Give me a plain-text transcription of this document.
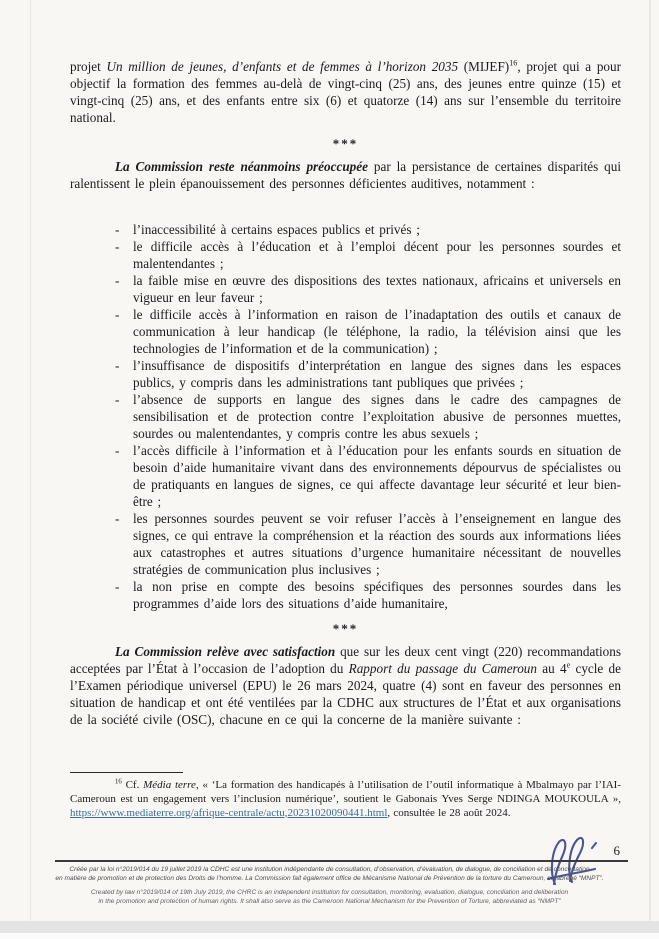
projet Un million de jeunes, d’enfants et de femmes à l’horizon 2035 (MIJEF)$^{16}$, projet qui a pour objectif la formation des femmes au-delà de vingt-cinq (25) ans, des jeunes entre quinze (15) et vingt-cinq (25) ans, et des enfants entre six (6) et quatorze (14) ans sur l’ensemble du territoire national.

***

La Commission reste néanmoins préoccupée par la persistance de certaines disparités qui ralentissent le plein épanouissement des personnes déficientes auditives, notamment :

- l’inaccessibilité à certains espaces publics et privés ;
- le difficile accès à l’éducation et à l’emploi décent pour les personnes sourdes et malentendantes ;
- la faible mise en œuvre des dispositions des textes nationaux, africains et universels en vigueur en leur faveur ;
- le difficile accès à l’information en raison de l’inadaptation des outils et canaux de communication à leur handicap (le téléphone, la radio, la télévision ainsi que les technologies de l’information et de la communication) ;
- l’insuffisance de dispositifs d’interprétation en langue des signes dans les espaces publics, y compris dans les administrations tant publiques que privées ;
- l’absence de supports en langue des signes dans le cadre des campagnes de sensibilisation et de protection contre l’exploitation abusive de personnes muettes, sourdes ou malentendantes, y compris contre les abus sexuels ;
- l’accès difficile à l’information et à l’éducation pour les enfants sourds en situation de besoin d’aide humanitaire vivant dans des environnements dépourvus de spécialistes ou de pratiquants en langues de signes, ce qui affecte davantage leur sécurité et leur bien-être ;
- les personnes sourdes peuvent se voir refuser l’accès à l’enseignement en langue des signes, ce qui entrave la compréhension et la réaction des sourds aux informations liées aux catastrophes et autres situations d’urgence humanitaire nécessitant de nouvelles stratégies de communication plus inclusives ;
- la non prise en compte des besoins spécifiques des personnes sourdes dans les programmes d’aide lors des situations d’aide humanitaire,
***

La Commission relève avec satisfaction que sur les deux cent vingt (220) recommandations acceptées par l’État à l’occasion de l’adoption du Rapport du passage du Cameroun au 4e cycle de l’Examen périodique universel (EPU) le 26 mars 2024, quatre (4) sont en faveur des personnes en situation de handicap et ont été ventilées par la CDHC aux structures de l’État et aux organisations de la société civile (OSC), chacune en ce qui la concerne de la manière suivante :

$^{16}$ Cf. Média terre, « ‘La formation des handicapés à l’utilisation de l’outil informatique à Mbalmayo par l’IAI-Cameroun est un engagement vers l’inclusion numérique’, soutient le Gabonais Yves Serge NDINGA MOUKOULA », https://www.mediaterre.org/afrique-centrale/actu,20231020090441.html, consultée le 28 août 2024.

6
Créée par la loi n°2019/014 du 19 juillet 2019 la CDHC est une institution indépendante de consultation, d’observation, d’évaluation, de dialogue, de conciliation et de concertation
en matière de promotion et de protection des Droits de l’homme. La Commission fait également office de Mécanisme National de Prévention de la torture du Cameroun, en abrégé “MNPT”.
Created by law n°2019/014 of 19th July 2019, the CHRC is an independent institution for consultation, monitoring, evaluation, dialogue, conciliation and deliberation
in the promotion and protection of human rights. It shall also serve as the Cameroon National Mechanism for the Prevention of Torture, abbreviated as “NMPT”
